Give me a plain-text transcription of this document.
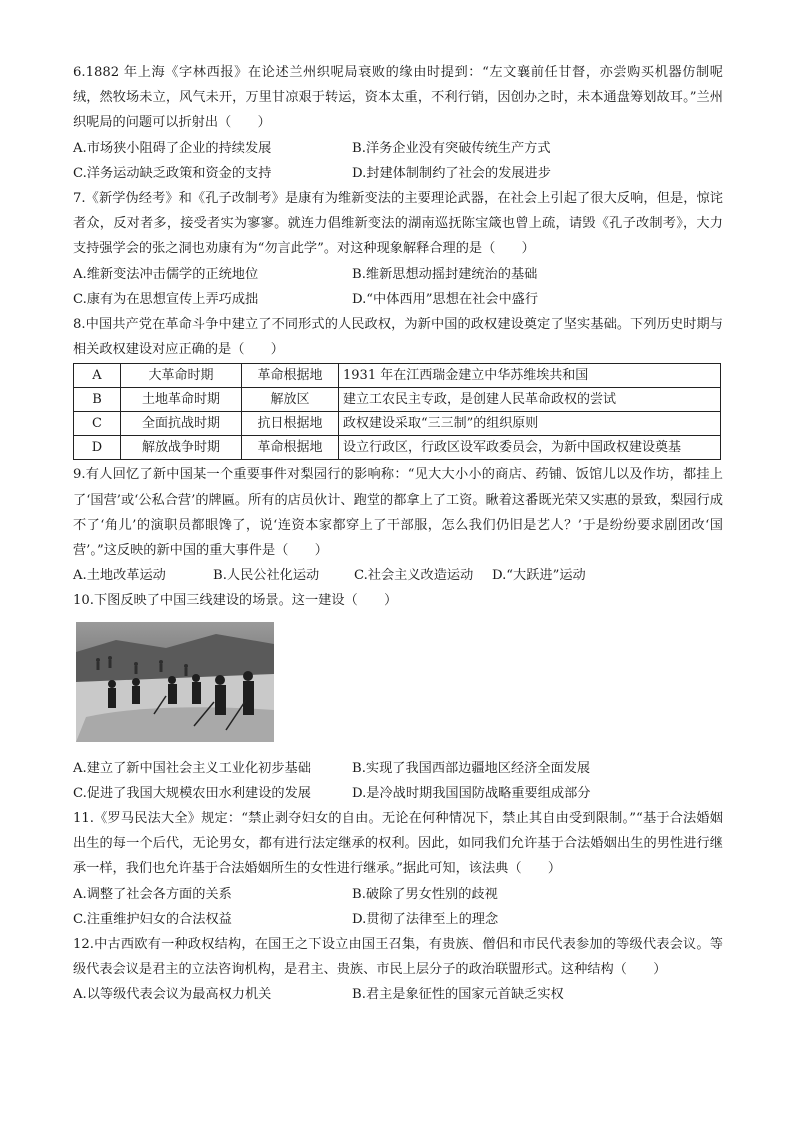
6.1882 年上海《字林西报》在论述兰州织呢局衰败的缘由时提到：“左文襄前任甘督，亦尝购买机器仿制呢绒，然牧场未立，风气未开，万里甘凉艰于转运，资本太重，不利行销，因创办之时，未本通盘筹划故耳。”兰州织呢局的问题可以折射出（　　）

A.市场狭小阻碍了企业的持续发展	B.洋务企业没有突破传统生产方式
C.洋务运动缺乏政策和资金的支持	D.封建体制制约了社会的发展进步

7.《新学伪经考》和《孔子改制考》是康有为维新变法的主要理论武器，在社会上引起了很大反响，但是，惊诧者众，反对者多，接受者实为寥寥。就连力倡维新变法的湖南巡抚陈宝箴也曾上疏，请毁《孔子改制考》，大力支持强学会的张之洞也劝康有为“勿言此学”。对这种现象解释合理的是（　　）

A.维新变法冲击儒学的正统地位	B.维新思想动摇封建统治的基础
C.康有为在思想宣传上弄巧成拙	D.“中体西用”思想在社会中盛行

8.中国共产党在革命斗争中建立了不同形式的人民政权，为新中国的政权建设奠定了坚实基础。下列历史时期与相关政权建设对应正确的是（　　）

A	大革命时期	革命根据地	1931 年在江西瑞金建立中华苏维埃共和国
B	土地革命时期	解放区	建立工农民主专政，是创建人民革命政权的尝试
C	全面抗战时期	抗日根据地	政权建设采取“三三制”的组织原则
D	解放战争时期	革命根据地	设立行政区，行政区设军政委员会，为新中国政权建设奠基

9.有人回忆了新中国某一个重要事件对梨园行的影响称：“见大大小小的商店、药铺、饭馆儿以及作坊，都挂上了‘国营’或‘公私合营’的牌匾。所有的店员伙计、跑堂的都拿上了工资。瞅着这番既光荣又实惠的景致，梨园行成不了‘角儿’的演职员都眼馋了，说‘连资本家都穿上了干部服，怎么我们仍旧是艺人？’于是纷纷要求剧团改‘国营’。”这反映的新中国的重大事件是（　　）

A.土地改革运动	B.人民公社化运动	C.社会主义改造运动	D.“大跃进”运动

10.下图反映了中国三线建设的场景。这一建设（　　）

A.建立了新中国社会主义工业化初步基础	B.实现了我国西部边疆地区经济全面发展
C.促进了我国大规模农田水利建设的发展	D.是冷战时期我国国防战略重要组成部分

11.《罗马民法大全》规定：“禁止剥夺妇女的自由。无论在何种情况下，禁止其自由受到限制。”“基于合法婚姻出生的每一个后代，无论男女，都有进行法定继承的权利。因此，如同我们允许基于合法婚姻出生的男性进行继承一样，我们也允许基于合法婚姻所生的女性进行继承。”据此可知，该法典（　　）

A.调整了社会各方面的关系	B.破除了男女性别的歧视
C.注重维护妇女的合法权益	D.贯彻了法律至上的理念

12.中古西欧有一种政权结构，在国王之下设立由国王召集，有贵族、僧侣和市民代表参加的等级代表会议。等级代表会议是君主的立法咨询机构，是君主、贵族、市民上层分子的政治联盟形式。这种结构（　　）

A.以等级代表会议为最高权力机关	B.君主是象征性的国家元首缺乏实权
